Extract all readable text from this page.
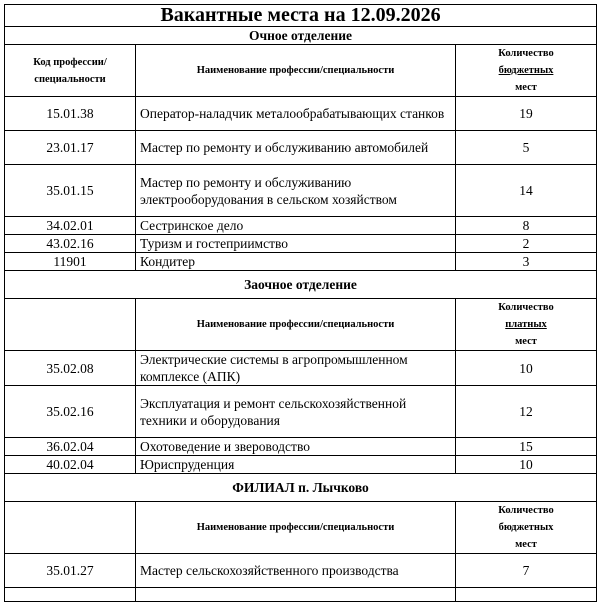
Вакантные места на 12.09.2026		
Очное отделение		
Код профессии/ специальности	Наименование профессии/специальности	Количество
бюджетных
мест
15.01.38	Оператор-наладчик металообрабатывающих станков	19
23.01.17	Мастер по ремонту и обслуживанию автомобилей	5
35.01.15	Мастер по ремонту и обслуживанию электрооборудования в сельском хозяйством	14
34.02.01	Сестринское дело	8
43.02.16	Туризм и гостеприимство	2
11901	Кондитер	3
Заочное отделение		
	Наименование профессии/специальности	Количество
платных
мест
35.02.08	Электрические системы в агропромышленном комплексе (АПК)	10
35.02.16	Эксплуатация и ремонт сельскохозяйственной техники и оборудования	12
36.02.04	Охотоведение и звероводство	15
40.02.04	Юриспруденция	10
ФИЛИАЛ п. Лычково		
	Наименование профессии/специальности	Количество
бюджетных
мест
35.01.27	Мастер сельскохозяйственного производства	7
